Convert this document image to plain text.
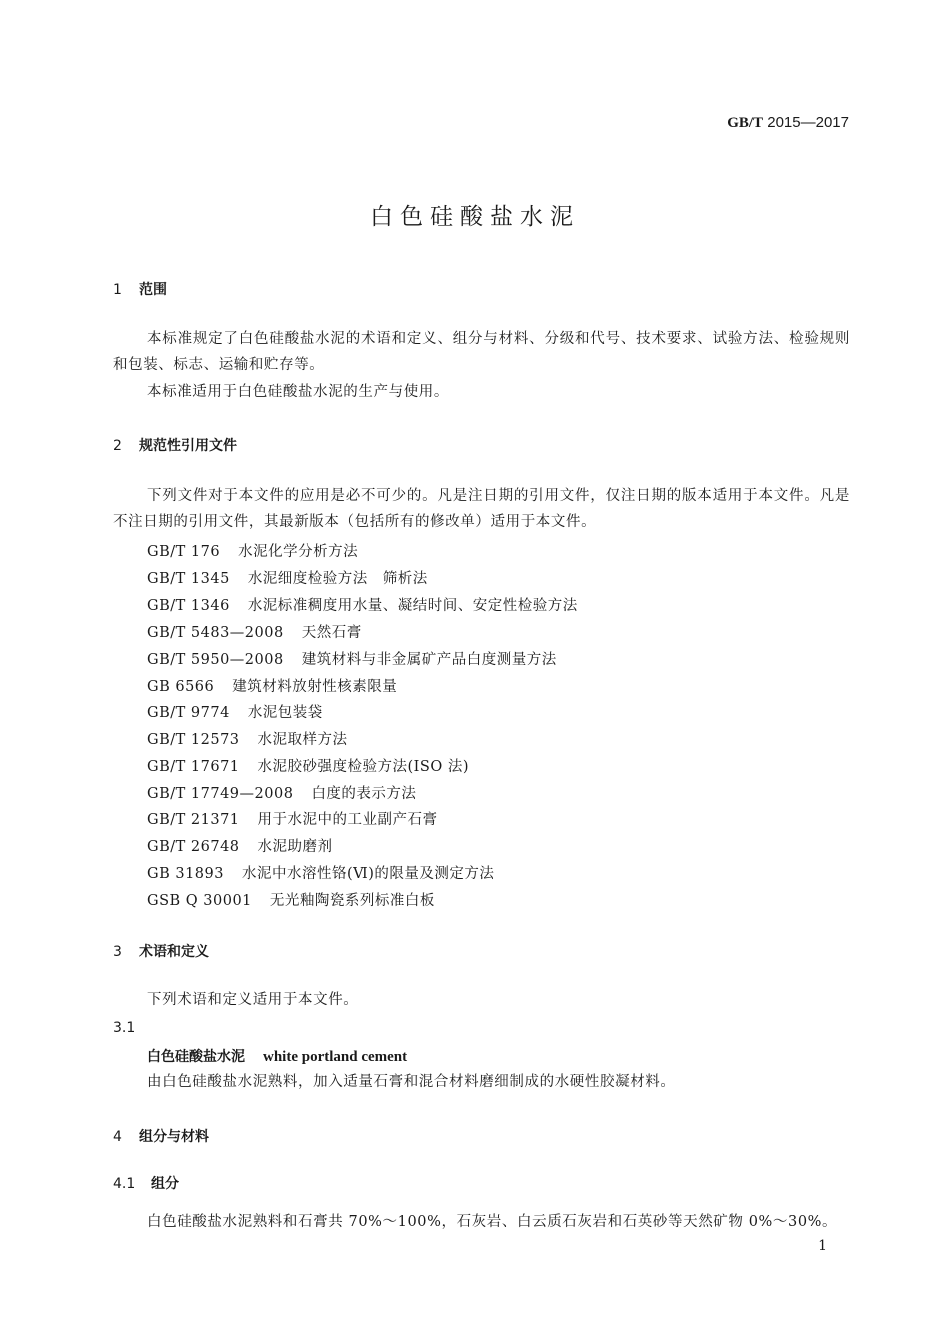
GB/T 2015—2017
白色硅酸盐水泥
1 范围
本标准规定了白色硅酸盐水泥的术语和定义、组分与材料、分级和代号、技术要求、试验方法、检验规则和包装、标志、运输和贮存等。
本标准适用于白色硅酸盐水泥的生产与使用。
2 规范性引用文件
下列文件对于本文件的应用是必不可少的。凡是注日期的引用文件，仅注日期的版本适用于本文件。凡是不注日期的引用文件，其最新版本（包括所有的修改单）适用于本文件。
GB/T 176 水泥化学分析方法
GB/T 1345 水泥细度检验方法　筛析法
GB/T 1346 水泥标准稠度用水量、凝结时间、安定性检验方法
GB/T 5483—2008 天然石膏
GB/T 5950—2008 建筑材料与非金属矿产品白度测量方法
GB 6566 建筑材料放射性核素限量
GB/T 9774 水泥包装袋
GB/T 12573 水泥取样方法
GB/T 17671 水泥胶砂强度检验方法(ISO 法)
GB/T 17749—2008 白度的表示方法
GB/T 21371 用于水泥中的工业副产石膏
GB/T 26748 水泥助磨剂
GB 31893 水泥中水溶性铬(Ⅵ)的限量及测定方法
GSB Q 30001 无光釉陶瓷系列标准白板
3 术语和定义
下列术语和定义适用于本文件。
3.1
白色硅酸盐水泥 white portland cement
由白色硅酸盐水泥熟料，加入适量石膏和混合材料磨细制成的水硬性胶凝材料。
4 组分与材料
4.1 组分
白色硅酸盐水泥熟料和石膏共 70%～100%，石灰岩、白云质石灰岩和石英砂等天然矿物 0%～30%。
1
